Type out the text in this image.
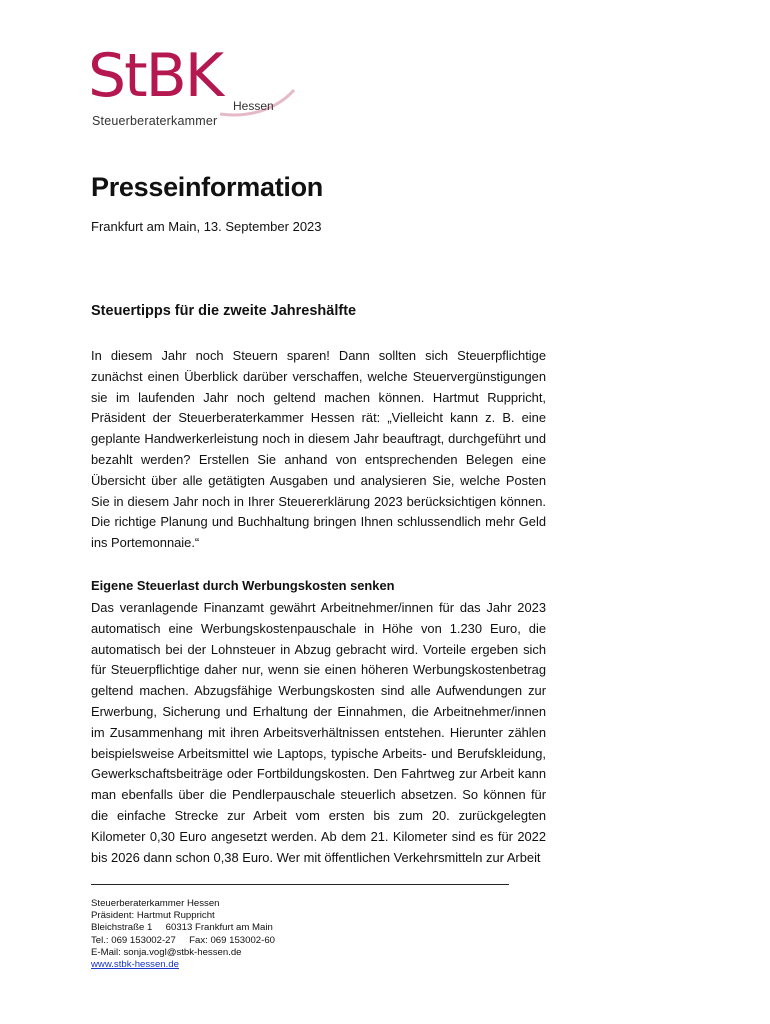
StBK Hessen
Steuerberaterkammer
Presseinformation
Frankfurt am Main, 13. September 2023
Steuertipps für die zweite Jahreshälfte

In diesem Jahr noch Steuern sparen! Dann sollten sich Steuerpflichtige zunächst einen Überblick darüber verschaffen, welche Steuervergünstigungen sie im laufenden Jahr noch geltend machen können. Hartmut Ruppricht, Präsident der Steuerberaterkammer Hessen rät: „Vielleicht kann z. B. eine geplante Handwerkerleistung noch in diesem Jahr beauftragt, durchgeführt und bezahlt werden? Erstellen Sie anhand von entsprechenden Belegen eine Übersicht über alle getätigten Ausgaben und analysieren Sie, welche Posten Sie in diesem Jahr noch in Ihrer Steuererklärung 2023 berücksichtigen können. Die richtige Planung und Buchhaltung bringen Ihnen schlussendlich mehr Geld ins Portemonnaie.“

Eigene Steuerlast durch Werbungskosten senken

Das veranlagende Finanzamt gewährt Arbeitnehmer/innen für das Jahr 2023 automatisch eine Werbungskostenpauschale in Höhe von 1.230 Euro, die automatisch bei der Lohnsteuer in Abzug gebracht wird. Vorteile ergeben sich für Steuerpflichtige daher nur, wenn sie einen höheren Werbungskostenbetrag geltend machen. Abzugsfähige Werbungskosten sind alle Aufwendungen zur Erwerbung, Sicherung und Erhaltung der Einnahmen, die Arbeitnehmer/innen im Zusammenhang mit ihren Arbeitsverhältnissen entstehen. Hierunter zählen beispielsweise Arbeitsmittel wie Laptops, typische Arbeits- und Berufskleidung, Gewerkschaftsbeiträge oder Fortbildungskosten. Den Fahrtweg zur Arbeit kann man ebenfalls über die Pendlerpauschale steuerlich absetzen. So können für die einfache Strecke zur Arbeit vom ersten bis zum 20. zurückgelegten Kilometer 0,30 Euro angesetzt werden. Ab dem 21. Kilometer sind es für 2022 bis 2026 dann schon 0,38 Euro. Wer mit öffentlichen Verkehrsmitteln zur Arbeit

Steuerberaterkammer Hessen
Präsident: Hartmut Ruppricht
Bleichstraße 1     60313 Frankfurt am Main
Tel.: 069 153002-27     Fax: 069 153002-60
E-Mail: sonja.vogl@stbk-hessen.de
www.stbk-hessen.de
